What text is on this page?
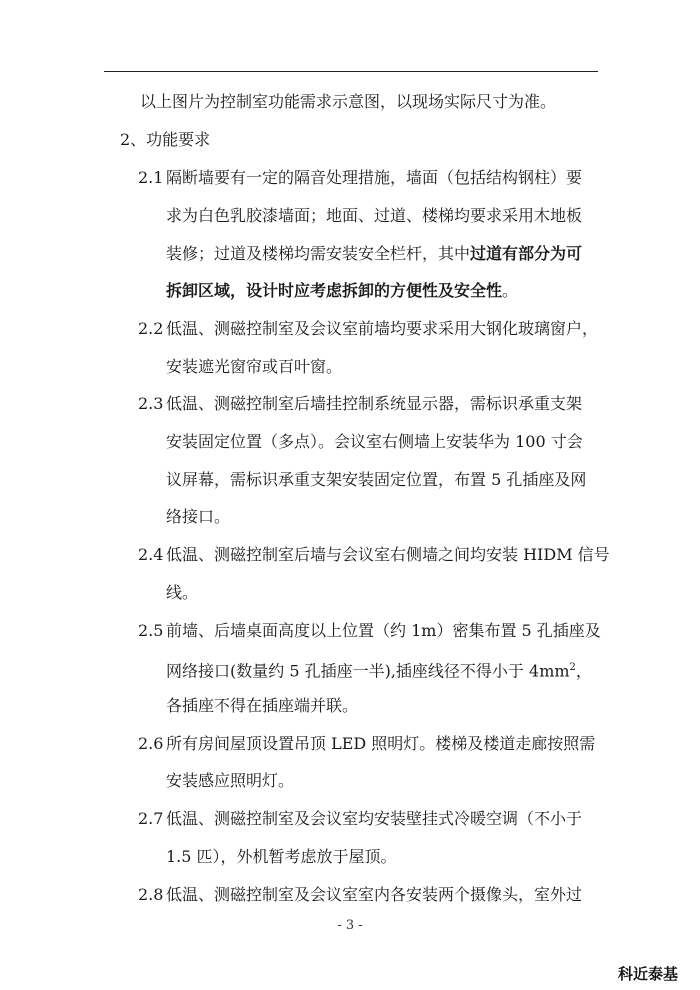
以上图片为控制室功能需求示意图，以现场实际尺寸为准。
2、功能要求
2.1 隔断墙要有一定的隔音处理措施，墙面（包括结构钢柱）要
求为白色乳胶漆墙面；地面、过道、楼梯均要求采用木地板
装修；过道及楼梯均需安装安全栏杆，其中过道有部分为可
拆卸区域，设计时应考虑拆卸的方便性及安全性。
2.2 低温、测磁控制室及会议室前墙均要求采用大钢化玻璃窗户，
安装遮光窗帘或百叶窗。
2.3 低温、测磁控制室后墙挂控制系统显示器，需标识承重支架
安装固定位置（多点）。会议室右侧墙上安装华为 100 寸会
议屏幕，需标识承重支架安装固定位置，布置 5 孔插座及网
络接口。
2.4 低温、测磁控制室后墙与会议室右侧墙之间均安装 HIDM 信号
线。
2.5 前墙、后墙桌面高度以上位置（约 1m）密集布置 5 孔插座及
网络接口(数量约 5 孔插座一半),插座线径不得小于 $4mm^2$，
各插座不得在插座端并联。
2.6 所有房间屋顶设置吊顶 LED 照明灯。楼梯及楼道走廊按照需
安装感应照明灯。
2.7 低温、测磁控制室及会议室均安装壁挂式冷暖空调（不小于
1.5 匹），外机暂考虑放于屋顶。
2.8 低温、测磁控制室及会议室室内各安装两个摄像头，室外过
- 3 -
科近泰基
